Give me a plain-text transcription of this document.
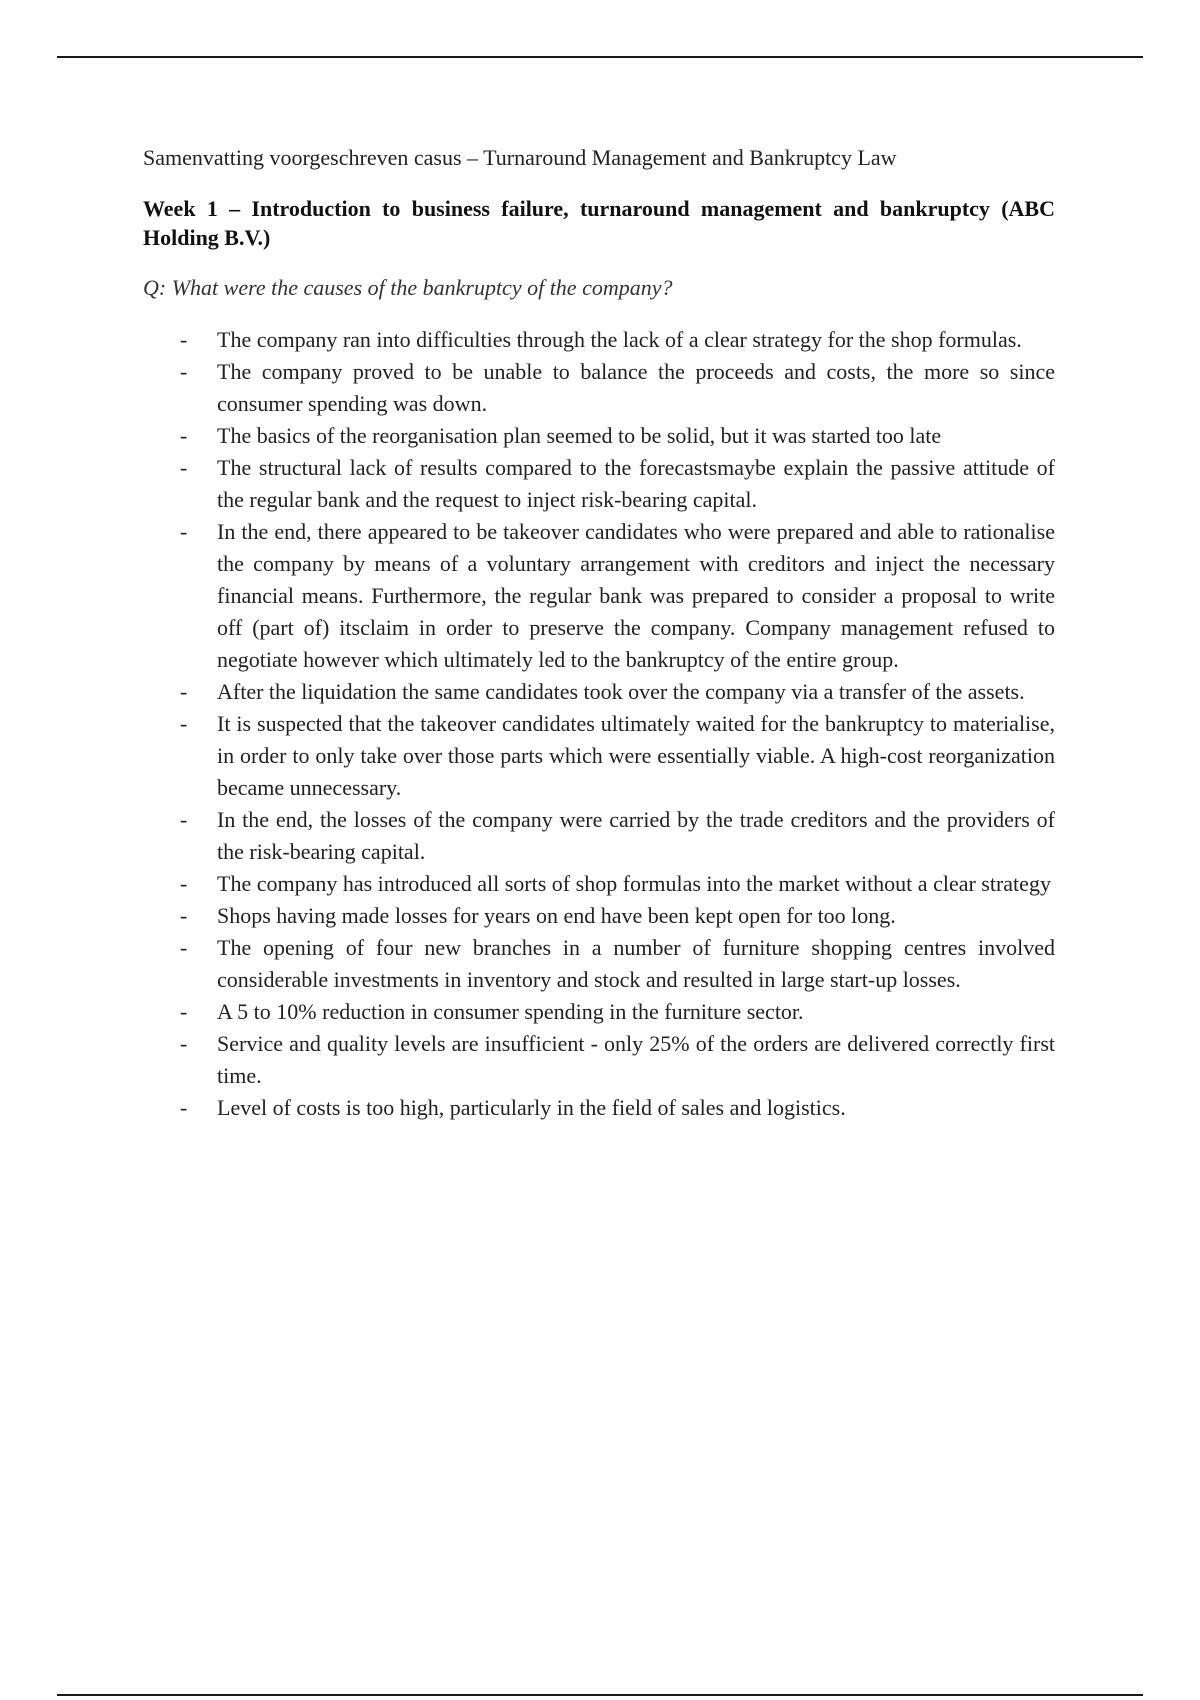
Samenvatting voorgeschreven casus – Turnaround Management and Bankruptcy Law
Week 1 – Introduction to business failure, turnaround management and bankruptcy (ABC Holding B.V.)
Q: What were the causes of the bankruptcy of the company?
- The company ran into difficulties through the lack of a clear strategy for the shop formulas.
- The company proved to be unable to balance the proceeds and costs, the more so since consumer spending was down.
- The basics of the reorganisation plan seemed to be solid, but it was started too late
- The structural lack of results compared to the forecastsmaybe explain the passive attitude of the regular bank and the request to inject risk-bearing capital.
- In the end, there appeared to be takeover candidates who were prepared and able to rationalise the company by means of a voluntary arrangement with creditors and inject the necessary financial means. Furthermore, the regular bank was prepared to consider a proposal to write off (part of) itsclaim in order to preserve the company. Company management refused to negotiate however which ultimately led to the bankruptcy of the entire group.
- After the liquidation the same candidates took over the company via a transfer of the assets.
- It is suspected that the takeover candidates ultimately waited for the bankruptcy to materialise, in order to only take over those parts which were essentially viable. A high-cost reorganization became unnecessary.
- In the end, the losses of the company were carried by the trade creditors and the providers of the risk-bearing capital.
- The company has introduced all sorts of shop formulas into the market without a clear strategy
- Shops having made losses for years on end have been kept open for too long.
- The opening of four new branches in a number of furniture shopping centres involved considerable investments in inventory and stock and resulted in large start-up losses.
- A 5 to 10% reduction in consumer spending in the furniture sector.
- Service and quality levels are insufficient - only 25% of the orders are delivered correctly first time.
- Level of costs is too high, particularly in the field of sales and logistics.
